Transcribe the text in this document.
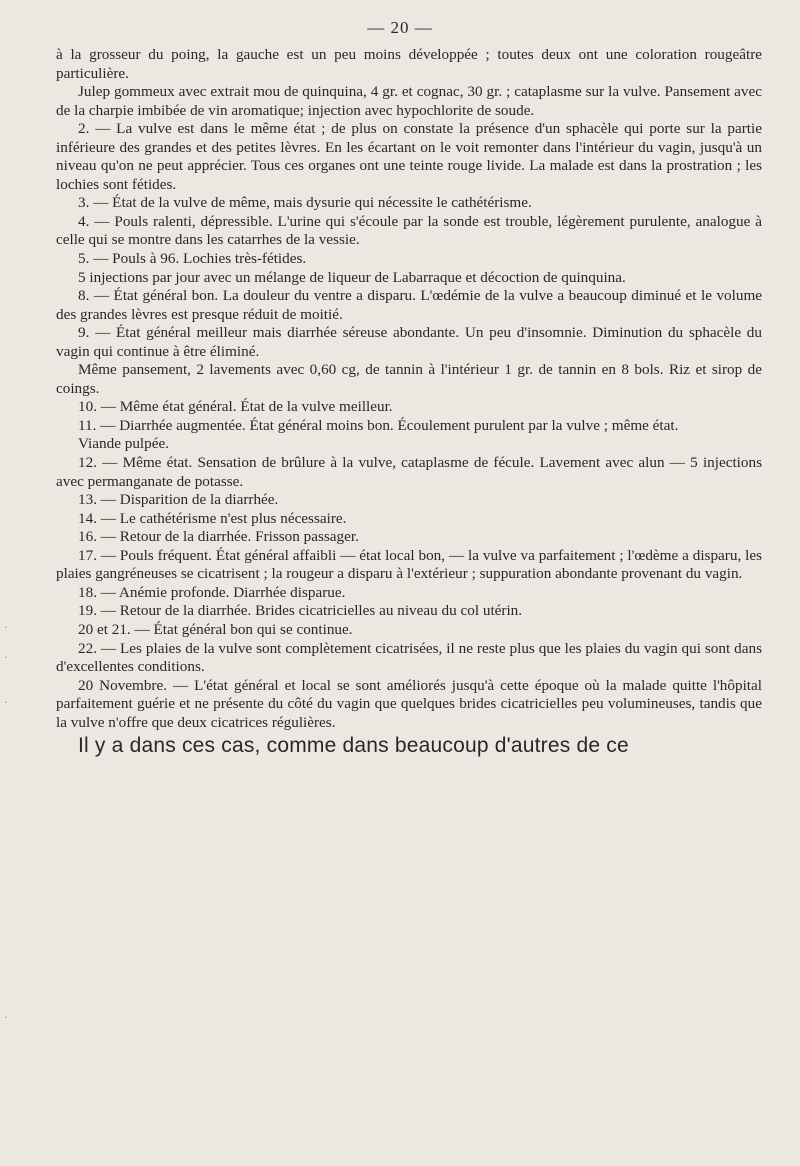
— 20 —

à la grosseur du poing, la gauche est un peu moins développée ; toutes deux ont une coloration rougeâtre particulière.

Julep gommeux avec extrait mou de quinquina, 4 gr. et cognac, 30 gr. ; cataplasme sur la vulve. Pansement avec de la charpie imbibée de vin aromatique; injection avec hypochlorite de soude.

2. — La vulve est dans le même état ; de plus on constate la présence d'un sphacèle qui porte sur la partie inférieure des grandes et des petites lèvres. En les écartant on le voit remonter dans l'intérieur du vagin, jusqu'à un niveau qu'on ne peut apprécier. Tous ces organes ont une teinte rouge livide. La malade est dans la prostration ; les lochies sont fétides.

3. — État de la vulve de même, mais dysurie qui nécessite le cathétérisme.

4. — Pouls ralenti, dépressible. L'urine qui s'écoule par la sonde est trouble, légèrement purulente, analogue à celle qui se montre dans les catarrhes de la vessie.

5. — Pouls à 96. Lochies très-fétides.

5 injections par jour avec un mélange de liqueur de Labarraque et décoction de quinquina.

8. — État général bon. La douleur du ventre a disparu. L'œdémie de la vulve a beaucoup diminué et le volume des grandes lèvres est presque réduit de moitié.

9. — État général meilleur mais diarrhée séreuse abondante. Un peu d'insomnie. Diminution du sphacèle du vagin qui continue à être éliminé.

Même pansement, 2 lavements avec 0,60 cg, de tannin à l'intérieur 1 gr. de tannin en 8 bols. Riz et sirop de coings.

10. — Même état général. État de la vulve meilleur.

11. — Diarrhée augmentée. État général moins bon. Écoulement purulent par la vulve ; même état.

Viande pulpée.

12. — Même état. Sensation de brûlure à la vulve, cataplasme de fécule. Lavement avec alun — 5 injections avec permanganate de potasse.

13. — Disparition de la diarrhée.

14. — Le cathétérisme n'est plus nécessaire.

16. — Retour de la diarrhée. Frisson passager.

17. — Pouls fréquent. État général affaibli — état local bon, — la vulve va parfaitement ; l'œdème a disparu, les plaies gangréneuses se cicatrisent ; la rougeur a disparu à l'extérieur ; suppuration abondante provenant du vagin.

18. — Anémie profonde. Diarrhée disparue.

19. — Retour de la diarrhée. Brides cicatricielles au niveau du col utérin.

20 et 21. — État général bon qui se continue.

22. — Les plaies de la vulve sont complètement cicatrisées, il ne reste plus que les plaies du vagin qui sont dans d'excellentes conditions.

20 Novembre. — L'état général et local se sont améliorés jusqu'à cette époque où la malade quitte l'hôpital parfaitement guérie et ne présente du côté du vagin que quelques brides cicatricielles peu volumineuses, tandis que la vulve n'offre que deux cicatrices régulières.

Il y a dans ces cas, comme dans beaucoup d'autres de ce

·
·
·
·
